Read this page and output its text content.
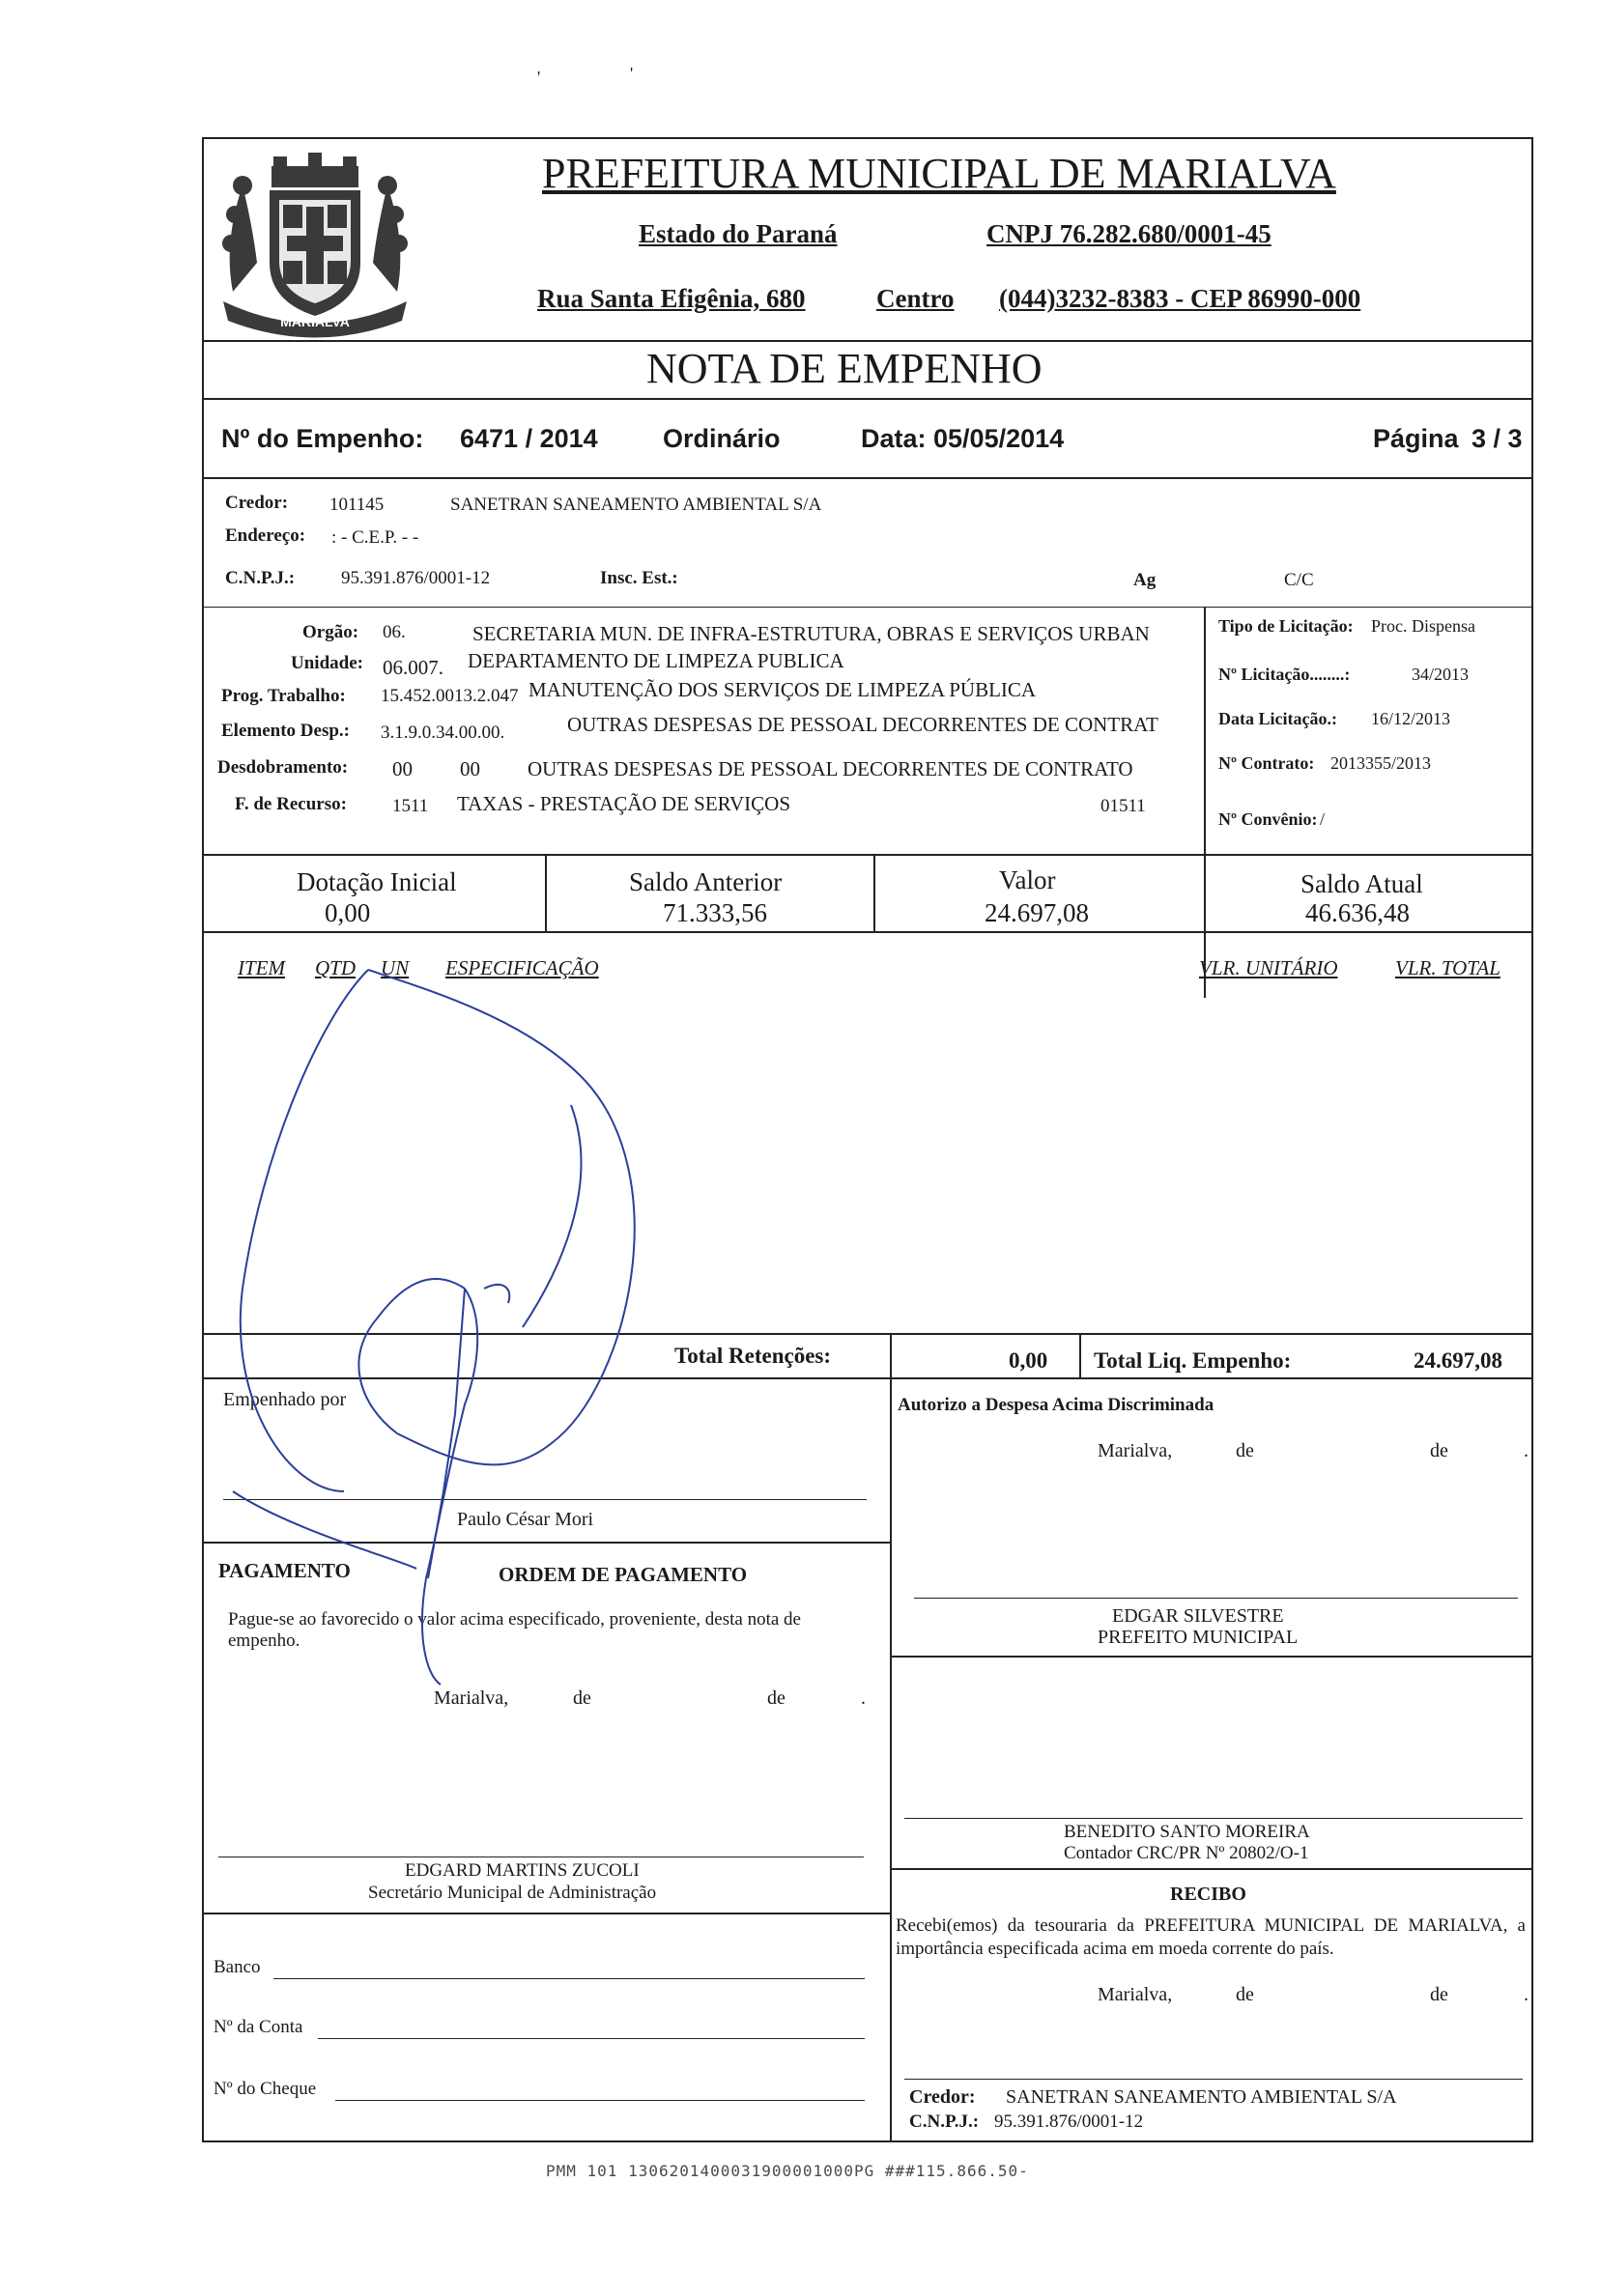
'	'
MARIALVA
PREFEITURA MUNICIPAL DE MARIALVA
Estado do Paraná	CNPJ 76.282.680/0001-45
Rua Santa Efigênia, 680	Centro (044)3232-8383 - CEP 86990-000
NOTA DE EMPENHO
Nº do Empenho: 6471 / 2014 Ordinário	Data: 05/05/2014	Página 3 / 3
Credor: 101145	SANETRAN SANEAMENTO AMBIENTAL S/A
Endereço: : - C.E.P. - -
C.N.P.J.:	95.391.876/0001-12	Insc. Est.:	Ag	C/C
Orgão: 06.	SECRETARIA MUN. DE INFRA-ESTRUTURA, OBRAS E SERVIÇOS URBAN
Unidade: 06.007. DEPARTAMENTO DE LIMPEZA PUBLICA
Prog. Trabalho: 15.452.0013.2.047 MANUTENÇÃO DOS SERVIÇOS DE LIMPEZA PÚBLICA
Elemento Desp.: 3.1.9.0.34.00.00.	OUTRAS DESPESAS DE PESSOAL DECORRENTES DE CONTRAT
Desdobramento: 00 00 OUTRAS DESPESAS DE PESSOAL DECORRENTES DE CONTRATO
F. de Recurso: 1511 TAXAS - PRESTAÇÃO DE SERVIÇOS	01511
Tipo de Licitação: Proc. Dispensa
Nº Licitação........:	34/2013
Data Licitação.: 16/12/2013
Nº Contrato: 2013355/2013
Nº Convênio: /
Dotação Inicial
0,00
Saldo Anterior
71.333,56
Valor
24.697,08
Saldo Atual
46.636,48
ITEM QTD UN ESPECIFICAÇÃO	VLR. UNITÁRIO	VLR. TOTAL
Total Retenções:	0,00 Total Liq. Empenho:	24.697,08
Empenhado por
Paulo César Mori
PAGAMENTO	ORDEM DE PAGAMENTO
Pague-se ao favorecido o valor acima especificado, proveniente, desta nota de empenho.
Marialva,	de	de	.
EDGARD MARTINS ZUCOLI
Secretário Municipal de Administração
Banco
Nº da Conta
Nº do Cheque
Autorizo a Despesa Acima Discriminada
Marialva,	de	de	.
EDGAR SILVESTRE
PREFEITO MUNICIPAL
BENEDITO SANTO MOREIRA
Contador CRC/PR Nº 20802/O-1
RECIBO
Recebi(emos) da tesouraria da PREFEITURA MUNICIPAL DE MARIALVA, a importância especificada acima em moeda corrente do país.
Marialva,	de	de	.
Credor: SANETRAN SANEAMENTO AMBIENTAL S/A
C.N.P.J.: 95.391.876/0001-12
PMM 101 1306201400031900001000PG ###115.866.50-
